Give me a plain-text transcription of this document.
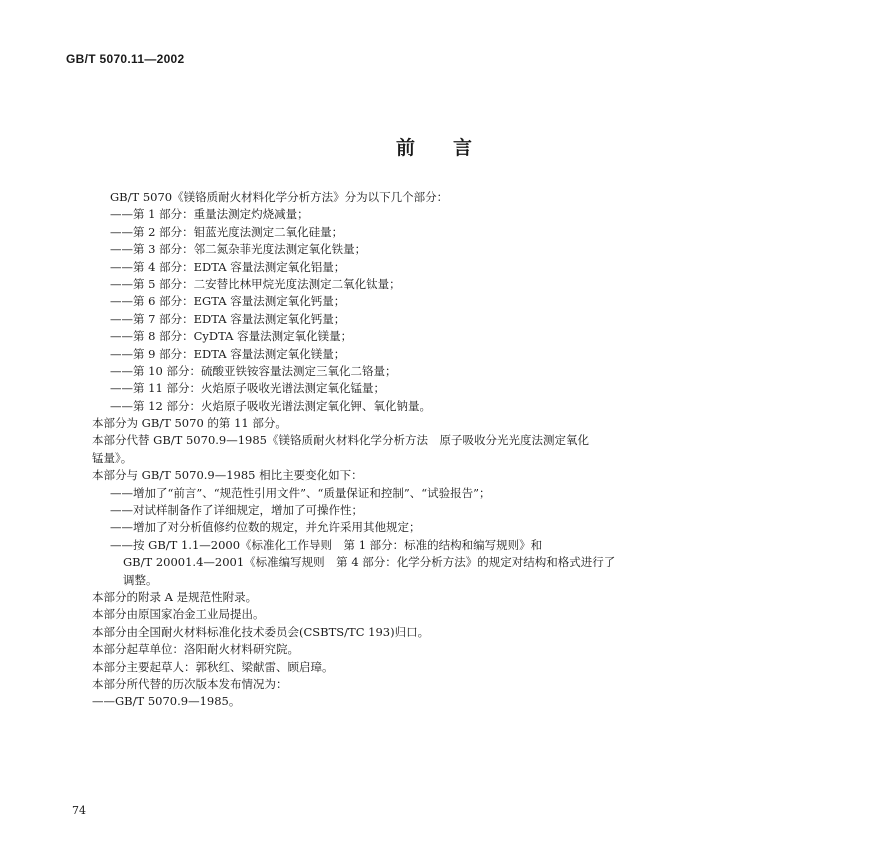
GB/T 5070.11—2002
前 言
GB/T 5070《镁铬质耐火材料化学分析方法》分为以下几个部分：
——第 1 部分：重量法测定灼烧减量；
——第 2 部分：钼蓝光度法测定二氧化硅量；
——第 3 部分：邻二氮杂菲光度法测定氧化铁量；
——第 4 部分：EDTA 容量法测定氧化铝量；
——第 5 部分：二安替比林甲烷光度法测定二氧化钛量；
——第 6 部分：EGTA 容量法测定氧化钙量；
——第 7 部分：EDTA 容量法测定氧化钙量；
——第 8 部分：CyDTA 容量法测定氧化镁量；
——第 9 部分：EDTA 容量法测定氧化镁量；
——第 10 部分：硫酸亚铁铵容量法测定三氧化二铬量；
——第 11 部分：火焰原子吸收光谱法测定氧化锰量；
——第 12 部分：火焰原子吸收光谱法测定氧化钾、氧化钠量。
本部分为 GB/T 5070 的第 11 部分。
本部分代替 GB/T 5070.9—1985《镁铬质耐火材料化学分析方法　原子吸收分光光度法测定氧化
锰量》。
本部分与 GB/T 5070.9—1985 相比主要变化如下：
——增加了“前言”、“规范性引用文件”、“质量保证和控制”、“试验报告”；
——对试样制备作了详细规定，增加了可操作性；
——增加了对分析值修约位数的规定，并允许采用其他规定；
——按 GB/T 1.1—2000《标准化工作导则　第 1 部分：标准的结构和编写规则》和
GB/T 20001.4—2001《标准编写规则　第 4 部分：化学分析方法》的规定对结构和格式进行了
调整。
本部分的附录 A 是规范性附录。
本部分由原国家冶金工业局提出。
本部分由全国耐火材料标准化技术委员会(CSBTS/TC 193)归口。
本部分起草单位：洛阳耐火材料研究院。
本部分主要起草人：郭秋红、梁献雷、顾启璋。
本部分所代替的历次版本发布情况为：
——GB/T 5070.9—1985。
74
